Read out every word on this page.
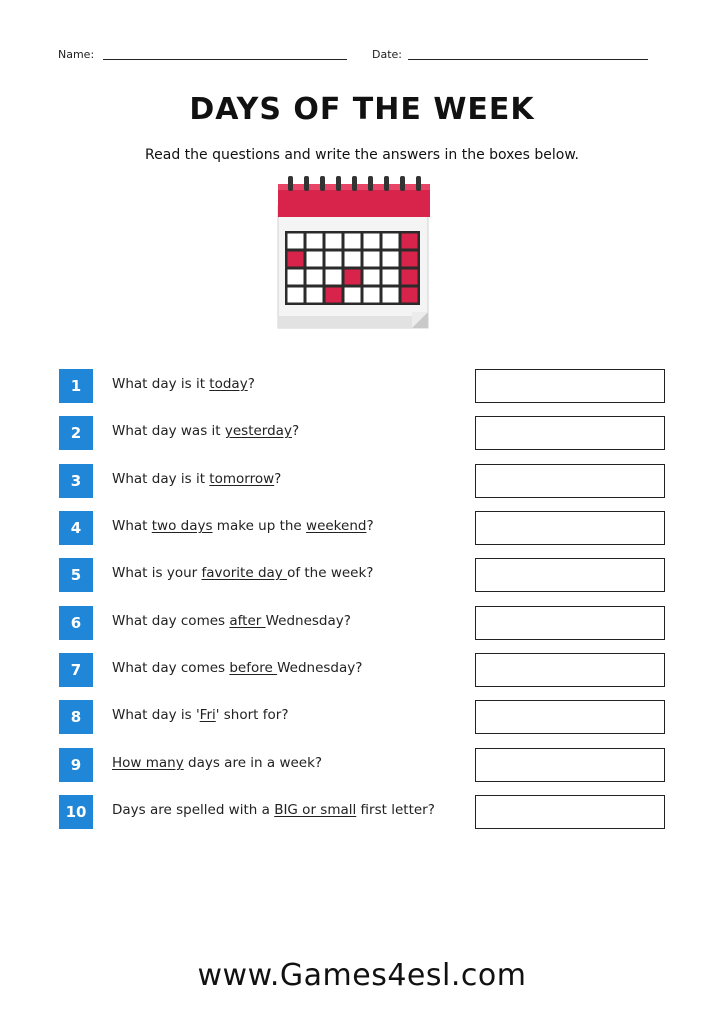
Name:	Date:
DAYS OF THE WEEK
Read the questions and write the answers in the boxes below.
1	What day is it today?
2	What day was it yesterday?
3	What day is it tomorrow?
4	What two days make up the weekend?
5	What is your favorite day of the week?
6	What day comes after Wednesday?
7	What day comes before Wednesday?
8	What day is 'Fri' short for?
9	How many days are in a week?
10	Days are spelled with a BIG or small first letter?
www.Games4esl.com
